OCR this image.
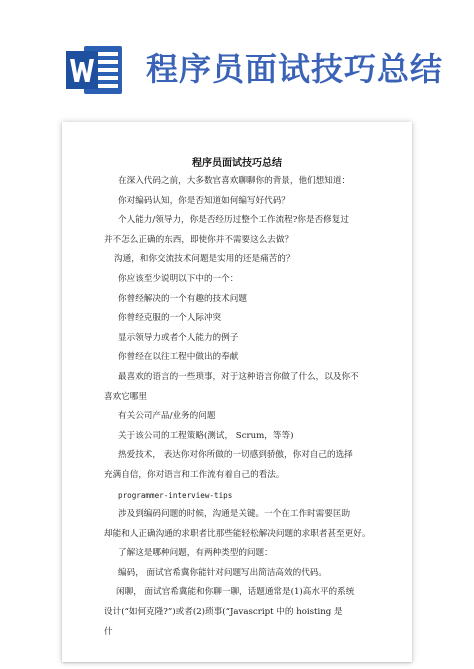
程序员面试技巧总结
程序员面试技巧总结
在深入代码之前，大多数官喜欢聊聊你的背景，他们想知道：
你对编码认知，你是否知道如何编写好代码？
个人能力/领导力，你是否经历过整个工作流程?你是否修复过
并不怎么正确的东西，即使你并不需要这么去做？
沟通，和你交流技术问题是实用的还是痛苦的？
你应该至少说明以下中的一个：
你曾经解决的一个有趣的技术问题
你曾经克服的一个人际冲突
显示领导力或者个人能力的例子
你曾经在以往工程中做出的奉献
最喜欢的语言的一些琐事，对于这种语言你做了什么，以及你不
喜欢它哪里
有关公司产品/业务的问题
关于该公司的工程策略(测试， Scrum，等等)
热爱技术， 表达你对你所做的一切感到骄傲，你对自己的选择
充满自信，你对语言和工作流有着自己的看法。
programmer-interview-tips
涉及到编码问题的时候，沟通是关键。一个在工作时需要匡助
却能和人正确沟通的求职者比那些能轻松解决问题的求职者甚至更好。
了解这是哪种问题，有两种类型的问题：
编码， 面试官希冀你能针对问题写出简洁高效的代码。
闲聊， 面试官希冀能和你聊一聊，话题通常是(1)高水平的系统
设计(“如何克隆?”)或者(2)琐事(“Javascript 中的 hoisting 是
什
